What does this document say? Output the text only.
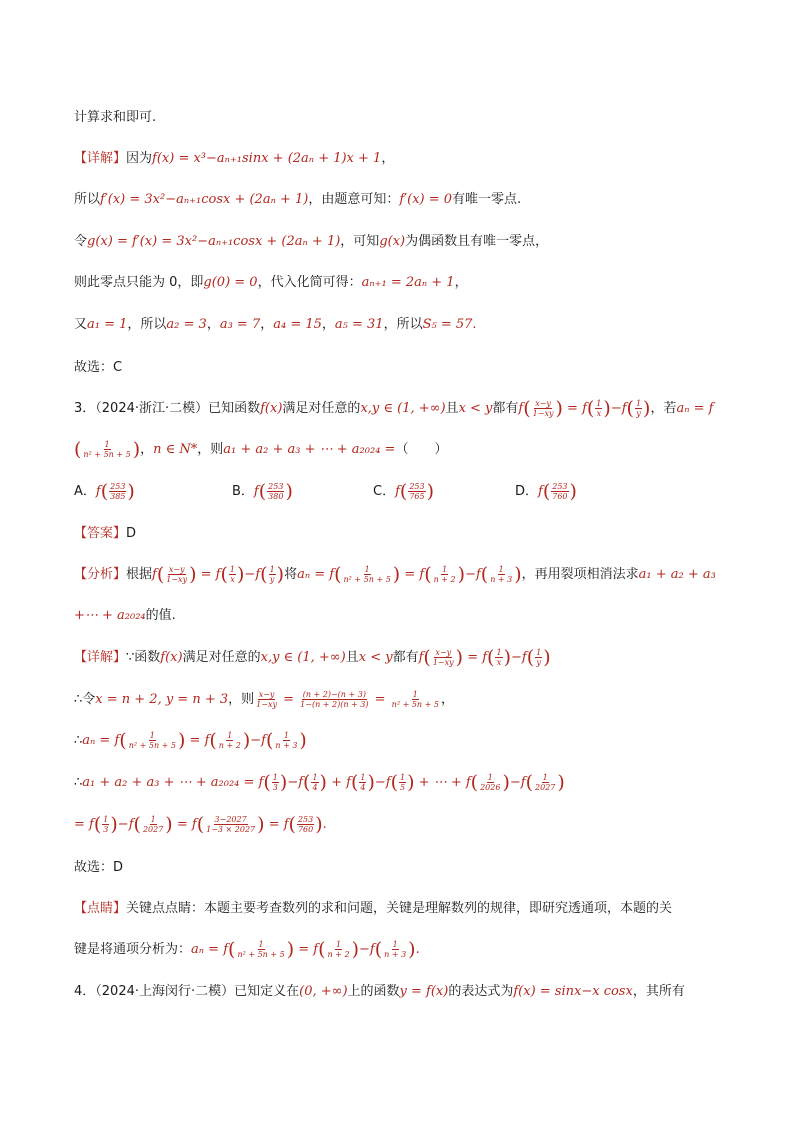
计算求和即可.
【详解】因为f(x) = x³−aₙ₊₁sinx + (2aₙ + 1)x + 1，
所以f′(x) = 3x²−aₙ₊₁cosx + (2aₙ + 1)，由题意可知：f′(x) = 0有唯一零点.
令g(x) = f′(x) = 3x²−aₙ₊₁cosx + (2aₙ + 1)，可知g(x)为偶函数且有唯一零点，
则此零点只能为 0，即g(0) = 0，代入化简可得：aₙ₊₁ = 2aₙ + 1，
又a₁ = 1，所以a₂ = 3，a₃ = 7，a₄ = 15，a₅ = 31，所以S₅ = 57.
故选：C
3．（2024·浙江·二模）已知函数f(x)满足对任意的x,y ∈ (1, +∞)且x < y都有$f( \frac{x-y}{1-xy}$ ) = $f( \frac{1}{x} )-f( \frac{1}{y}$ )，若aₙ = f
( $\frac{1}{\text{n² + 5n + 5}}$ )，n ∈ N*，则a₁ + a₂ + a₃ + ⋯ + a₂₀₂₄ =（　　）
A．$f( \frac{253}{385}$ )	B．$f( \frac{253}{380}$ )	C．$f( \frac{253}{765}$ )	D．$f( \frac{253}{760}$ )
【答案】D
【分析】根据$f( \frac{x-y}{1-xy}$ ) = $f( \frac{1}{x} )-f( \frac{1}{y}$ )将$a_n = f( \frac{1}{\text{n² + 5n + 5}}$ ) = $f( \frac{1}{n + 2} )-f( \frac{1}{n + 3}$ )，再用裂项相消法求a₁ + a₂ + a₃
+⋯ + a₂₀₂₄的值.
【详解】∵函数f(x)满足对任意的x,y ∈ (1, +∞)且x < y都有$f( \frac{x-y}{1-xy}$ ) = $f( \frac{1}{x} )-f( \frac{1}{y}$ )
∴令x = n + 2, y = n + 3，则 $\frac{x-y}{1-xy} = \frac{(n + 2)-(n + 3)}{1-(n + 2)(n + 3)} = \frac{1}{\text{n² + 5n + 5}}$ ，
∴aₙ = $f( \frac{1}{\text{n² + 5n + 5}}$ ) = $f( \frac{1}{n + 2} )-f( \frac{1}{n + 3}$ )
∴a₁ + a₂ + a₃ + ⋯ + $a_{2024} = f( \frac{1}{3} )-f( \frac{1}{4}$ ) + $f( \frac{1}{4} )-f( \frac{1}{5}$ ) + ⋯ + $f( \frac{1}{2026} )-f( \frac{1}{2027}$ )
= $f( \frac{1}{3} )-f( \frac{1}{2027}$ ) = $f( \frac{3-2027}{1-3 \times 2027}$ ) = $f( \frac{253}{760}$ ).
故选：D
【点睛】关键点点睛：本题主要考查数列的求和问题，关键是理解数列的规律，即研究透通项，本题的关
键是将通项分析为：$a_n = f( \frac{1}{\text{n² + 5n + 5}}$ ) = $f( \frac{1}{n + 2} )-f( \frac{1}{n + 3}$ ).
4．（2024·上海闵行·二模）已知定义在(0, +∞)上的函数y = f(x)的表达式为f(x) = sinx−x cosx，其所有
